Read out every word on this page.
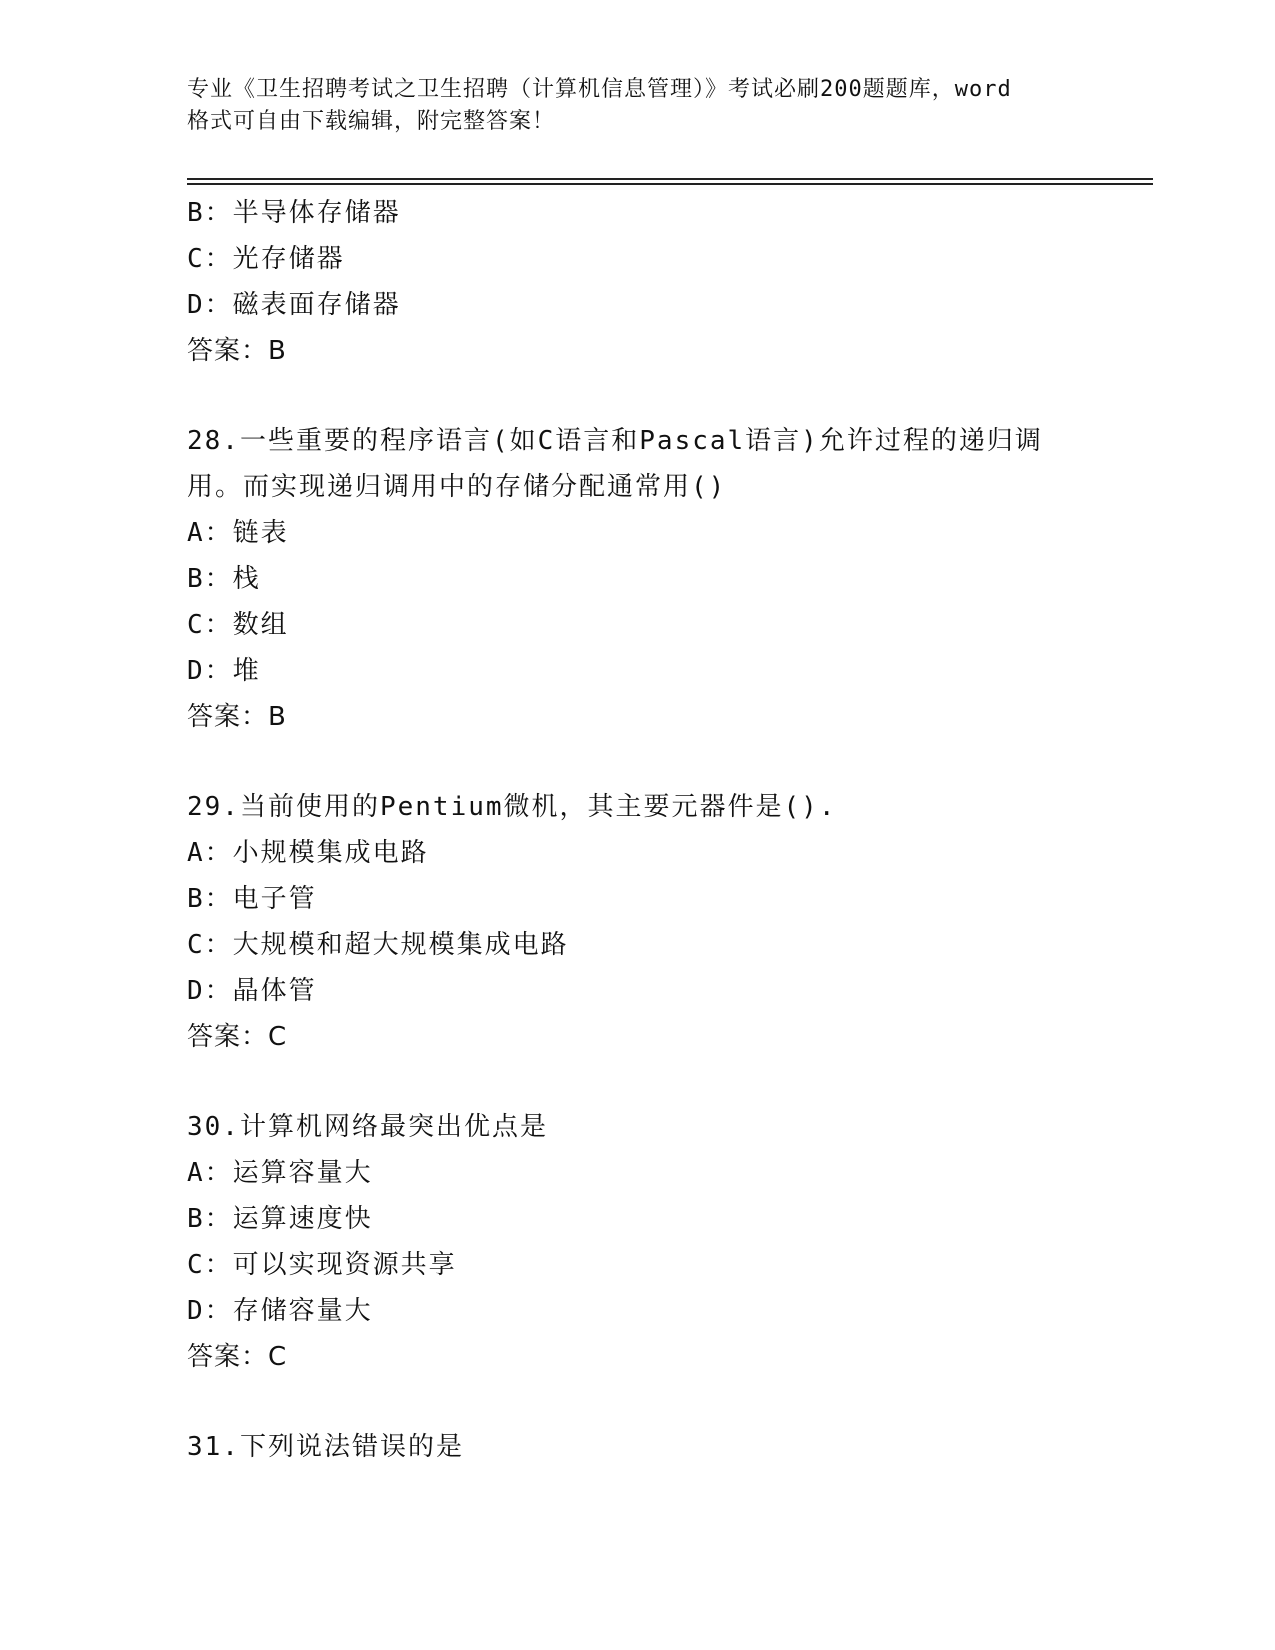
专业《卫生招聘考试之卫生招聘（计算机信息管理）》考试必刷200题题库，word
格式可自由下载编辑，附完整答案！
B：半导体存储器
C：光存储器
D：磁表面存储器
答案：B
28.一些重要的程序语言(如C语言和Pascal语言)允许过程的递归调
用。而实现递归调用中的存储分配通常用()
A：链表
B：栈
C：数组
D：堆
答案：B
29.当前使用的Pentium微机，其主要元器件是().
A：小规模集成电路
B：电子管
C：大规模和超大规模集成电路
D：晶体管
答案：C
30.计算机网络最突出优点是
A：运算容量大
B：运算速度快
C：可以实现资源共享
D：存储容量大
答案：C
31.下列说法错误的是
